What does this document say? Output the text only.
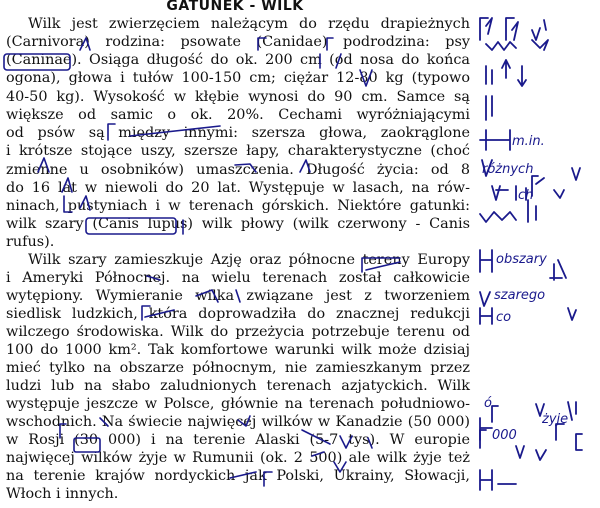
GATUNEK - WILK
Wilk jest zwierzęciem należącym do rzędu drapieżnych
(Carnivora) rodzina: psowate (Canidae) podrodzina: psy
(Caninae). Osiąga długość do ok. 200 cm (od nosa do końca
ogona), głowa i tułów 100-150 cm; ciężar 12-80 kg (typowo
40-50 kg). Wysokość w kłębie wynosi do 90 cm. Samce są
większe od samic o ok. 20%. Cechami wyróżniającymi
od psów są między innymi: szersza głowa, zaokrąglone
i krótsze stojące uszy, szersze łapy, charakterystyczne (choć
zmienne u osobników) umaszczenia. Długość życia: od 8
do 16 lat w niewoli do 20 lat. Występuje w lasach, na rów-
ninach, pustyniach i w terenach górskich. Niektóre gatunki:
wilk szary (Canis lupus) wilk płowy (wilk czerwony - Canis
rufus).
Wilk szary zamieszkuje Azję oraz północne tereny Europy
i Ameryki Północnej. na wielu terenach został całkowicie
wytępiony. Wymieranie wilka związane jest z tworzeniem
siedlisk ludzkich, która doprowadziła do znacznej redukcji
wilczego środowiska. Wilk do przeżycia potrzebuje terenu od
100 do 1000 km². Tak komfortowe warunki wilk może dzisiaj
mieć tylko na obszarze północnym, nie zamieszkanym przez
ludzi lub na słabo zaludnionych terenach azjatyckich. Wilk
występuje jeszcze w Polsce, głównie na terenach południowo-
wschodnich. Na świecie najwięcej wilków w Kanadzie (50 000)
w Rosji (30 000) i na terenie Alaski (5-7 tys). W europie
najwięcej wilków żyje w Rumunii (ok. 2 500) ale wilk żyje też
na terenie krajów nordyckich jak Polski, Ukrainy, Słowacji,
Włoch i innych.
m.in.
różnych
ch
obszary
szarego
co
ó
żyje
000
